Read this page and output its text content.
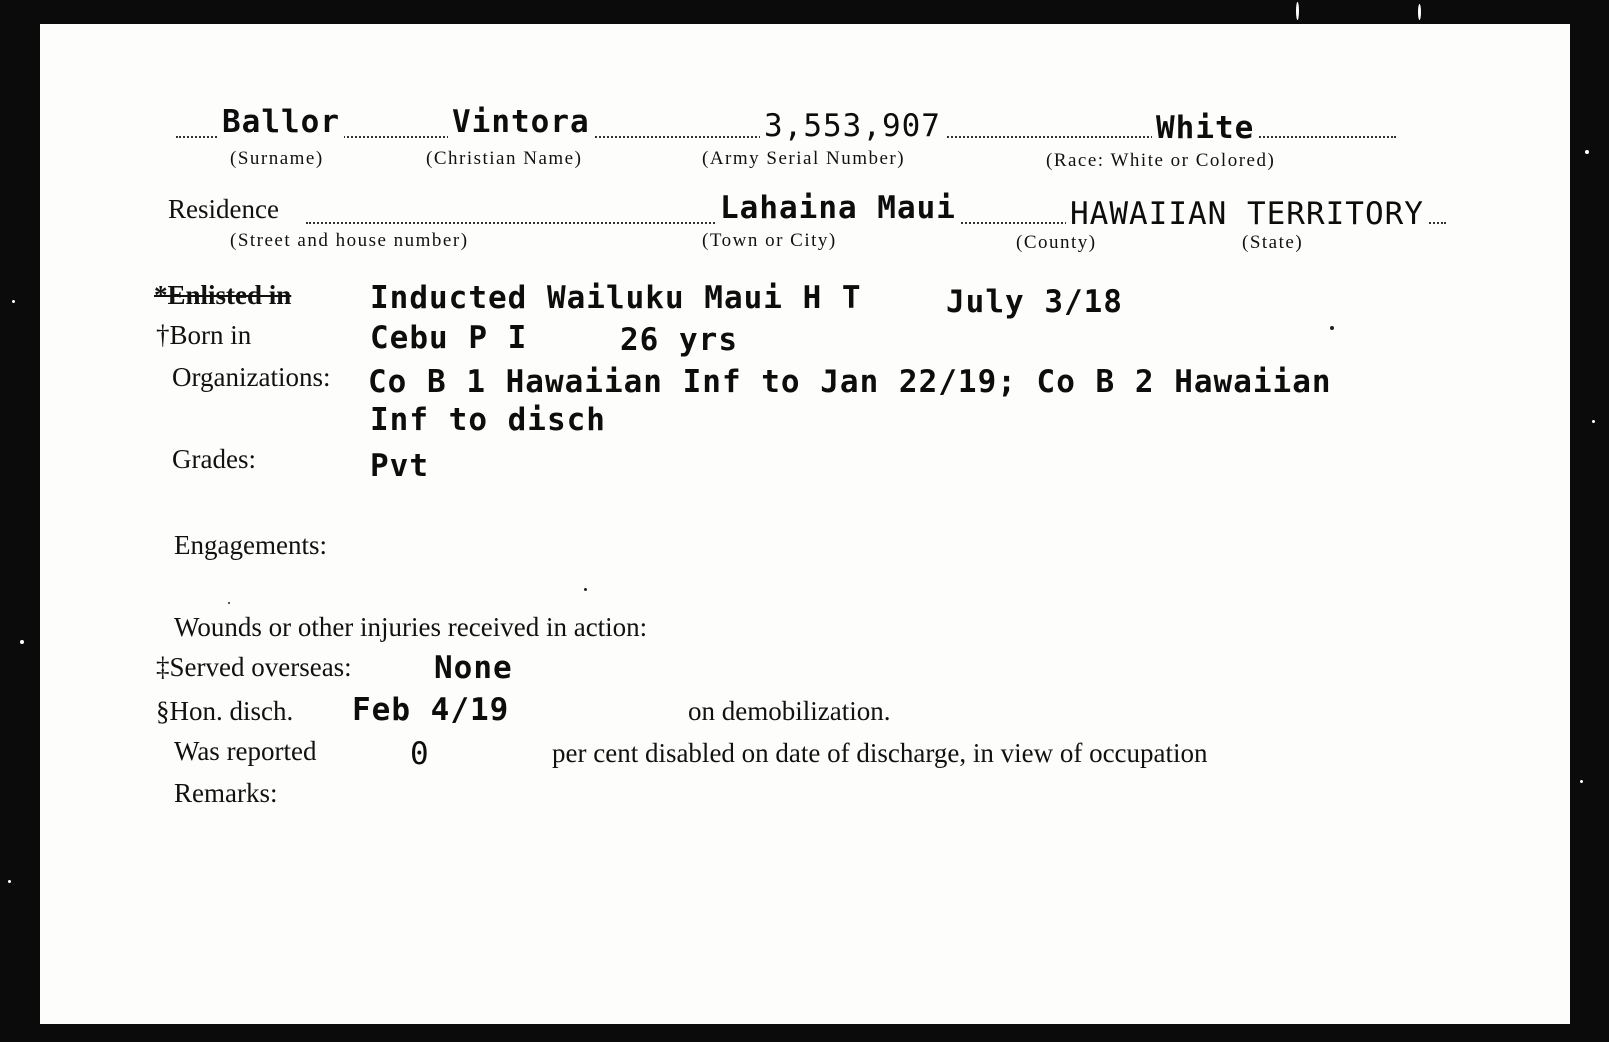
Ballor	Vintora	3,553,907	White
(Surname)	(Christian Name)	(Army Serial Number)	(Race: White or Colored)
Residence	Lahaina Maui	HAWAIIAN TERRITORY
(Street and house number)	(Town or City)	(County)	(State)
*Enlisted in	Inducted Wailuku Maui H T	July 3/18
†Born in	Cebu P I	26 yrs
Organizations: Co B 1 Hawaiian Inf to Jan 22/19; Co B 2 Hawaiian
Inf to disch
Grades:	Pvt
Engagements:
Wounds or other injuries received in action:
‡Served overseas:	None
§Hon. disch. Feb 4/19	on demobilization.
Was reported	0	per cent disabled on date of discharge, in view of occupation
Remarks:
